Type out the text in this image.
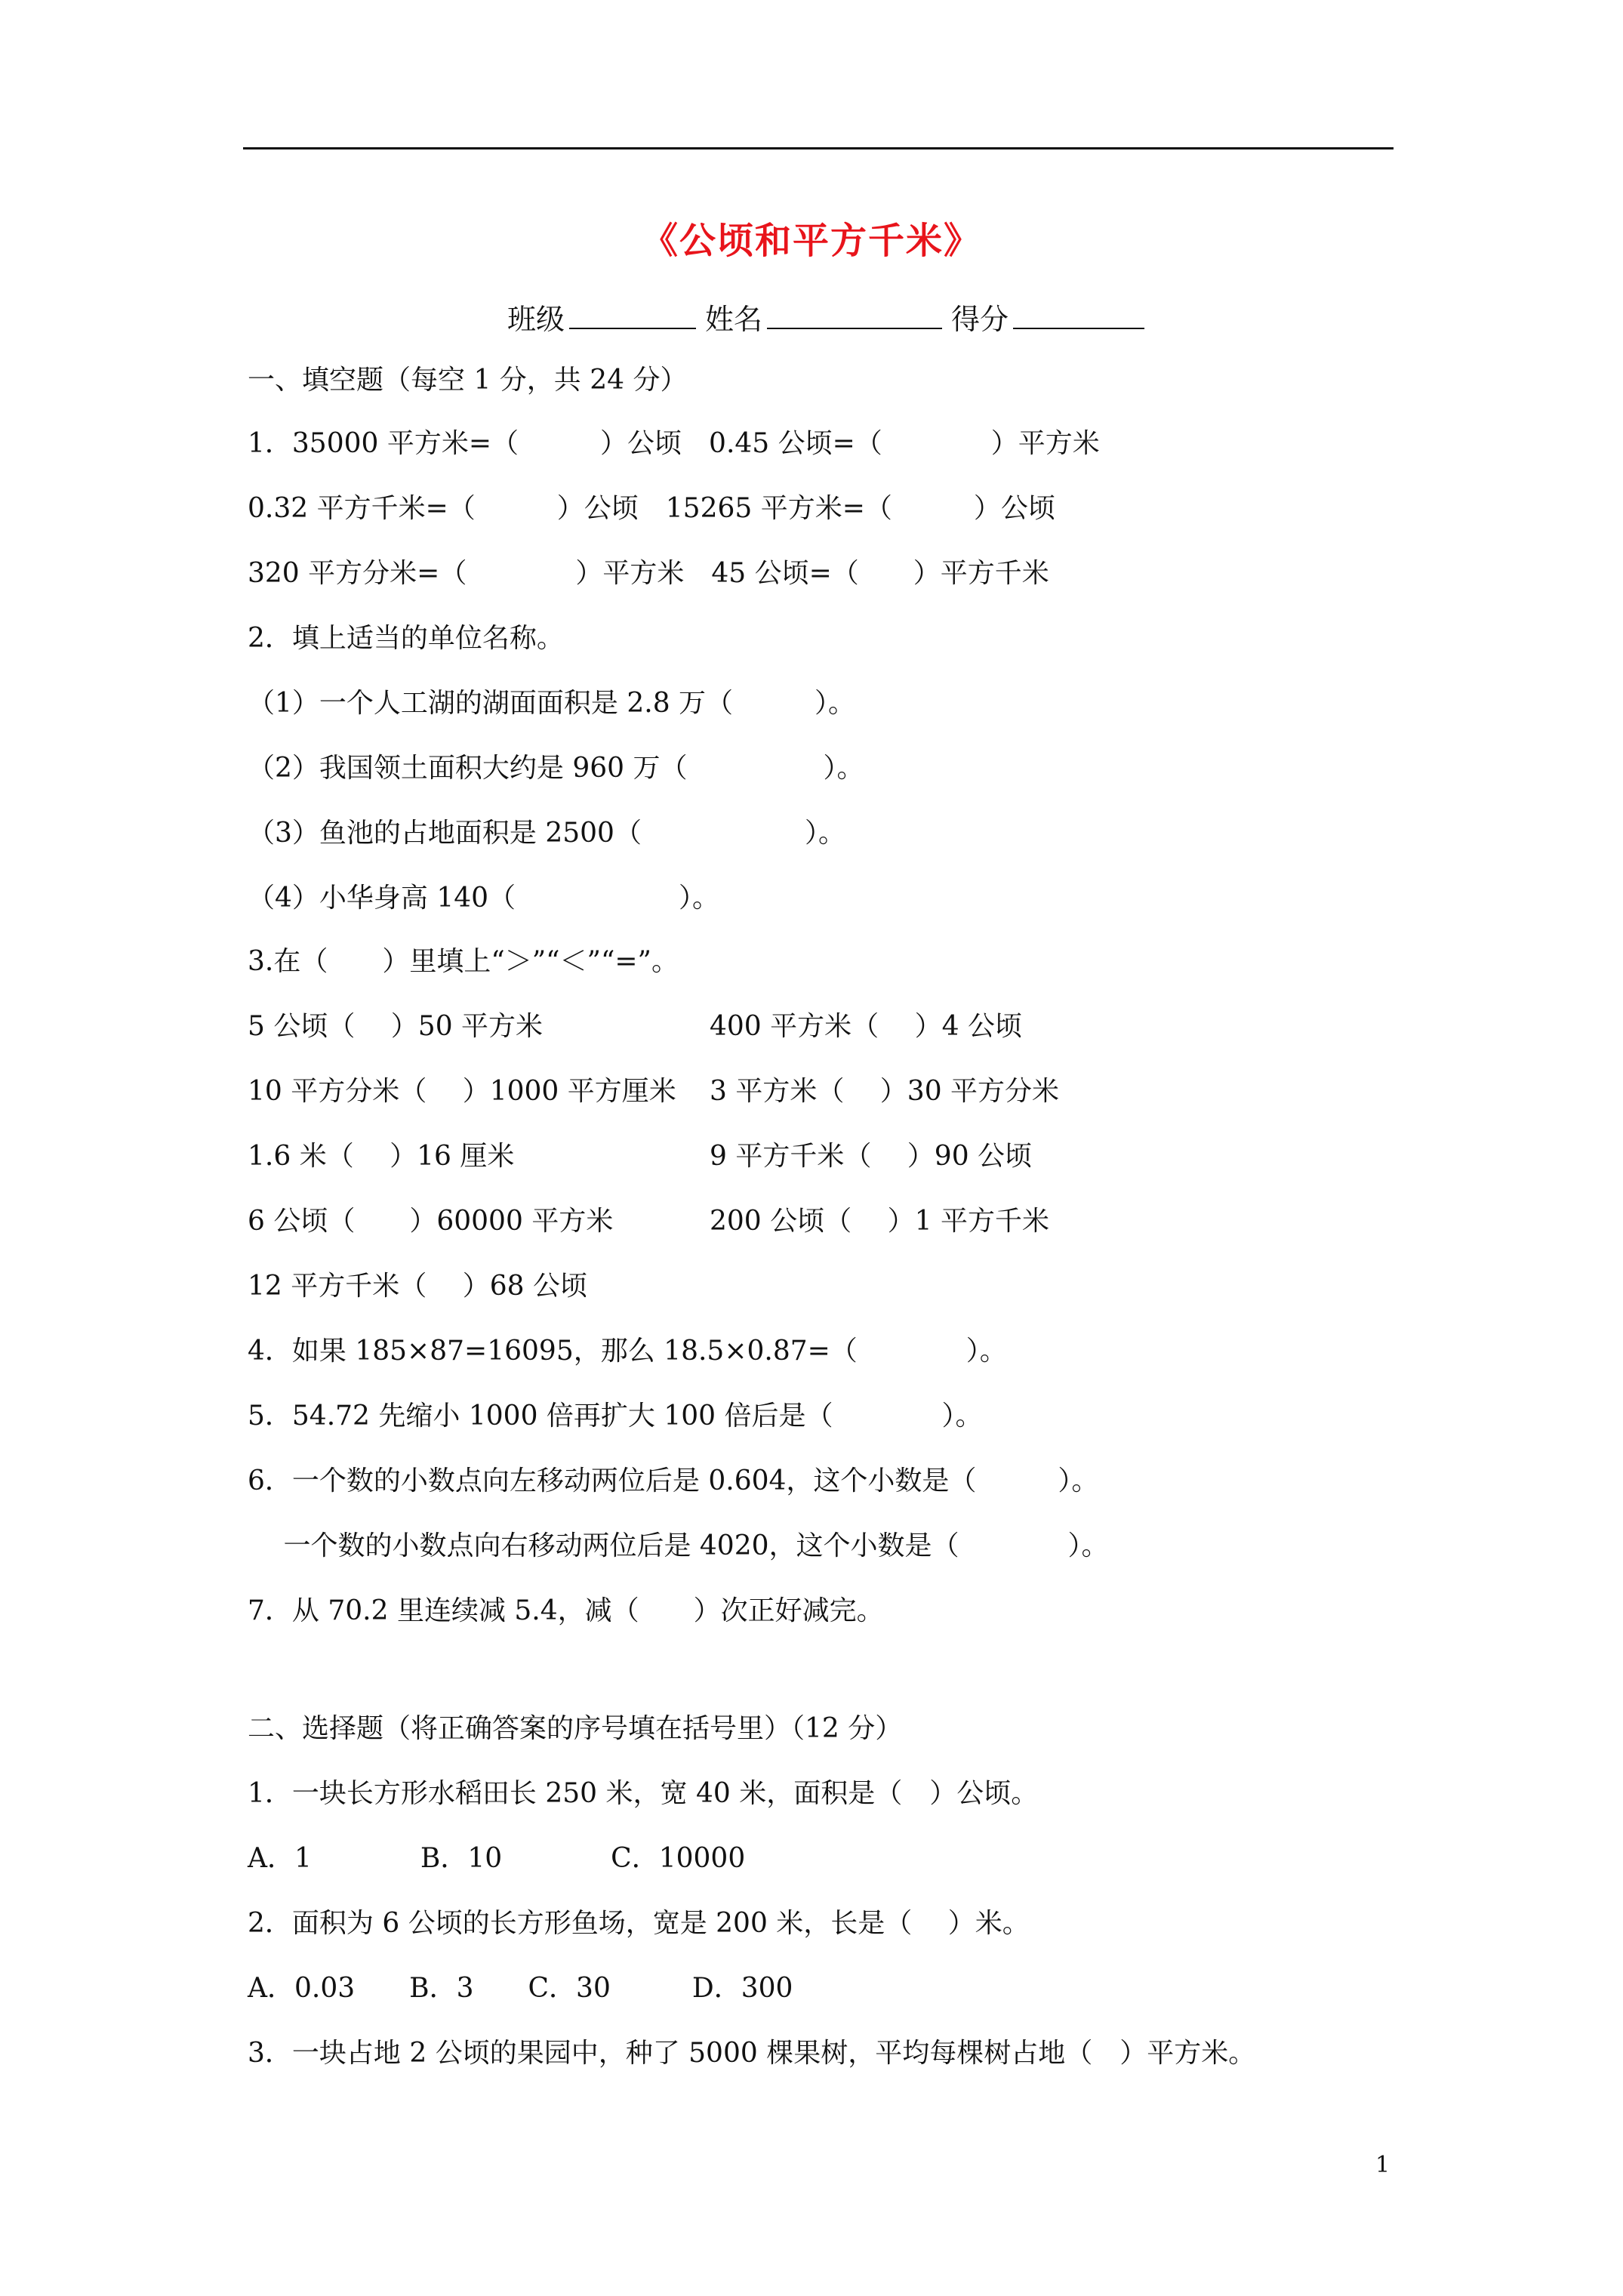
《公顷和平方千米》
班级	姓名	得分
一、填空题（每空 1 分，共 24 分）
1．35000 平方米=（　　　）公顷　0.45 公顷=（　　　　）平方米
0.32 平方千米=（　　　）公顷　15265 平方米=（　　　）公顷
320 平方分米=（　　　　）平方米　45 公顷=（　　）平方千米
2．填上适当的单位名称。
（1）一个人工湖的湖面面积是 2.8 万（　　　）。
（2）我国领土面积大约是 960 万（　　　　　）。
（3）鱼池的占地面积是 2500（　　　　　　）。
（4）小华身高 140（　　　　　　）。
3.在（　　）里填上“＞”“＜”“=”。
5 公顷（　 ）50 平方米	400 平方米（　 ）4 公顷
10 平方分米（　 ）1000 平方厘米 3 平方米（　 ）30 平方分米
1.6 米（　 ）16 厘米	9 平方千米（　 ）90 公顷
6 公顷（　　）60000 平方米	200 公顷（　 ）1 平方千米
12 平方千米（　 ）68 公顷
4．如果 185×87=16095，那么 18.5×0.87=（　　　　）。
5．54.72 先缩小 1000 倍再扩大 100 倍后是（　　　　）。
6．一个数的小数点向左移动两位后是 0.604，这个小数是（　　　）。
　 一个数的小数点向右移动两位后是 4020，这个小数是（　　　　）。
7．从 70.2 里连续减 5.4，减（　　）次正好减完。
二、选择题（将正确答案的序号填在括号里）（12 分）
1．一块长方形水稻田长 250 米，宽 40 米，面积是（　）公顷。
A．1　　　　B．10　　　　C．10000
2．面积为 6 公顷的长方形鱼场，宽是 200 米，长是（　 ）米。
A．0.03　　B．3　　C．30　　　D．300
3．一块占地 2 公顷的果园中，种了 5000 棵果树，平均每棵树占地（　）平方米。
1
